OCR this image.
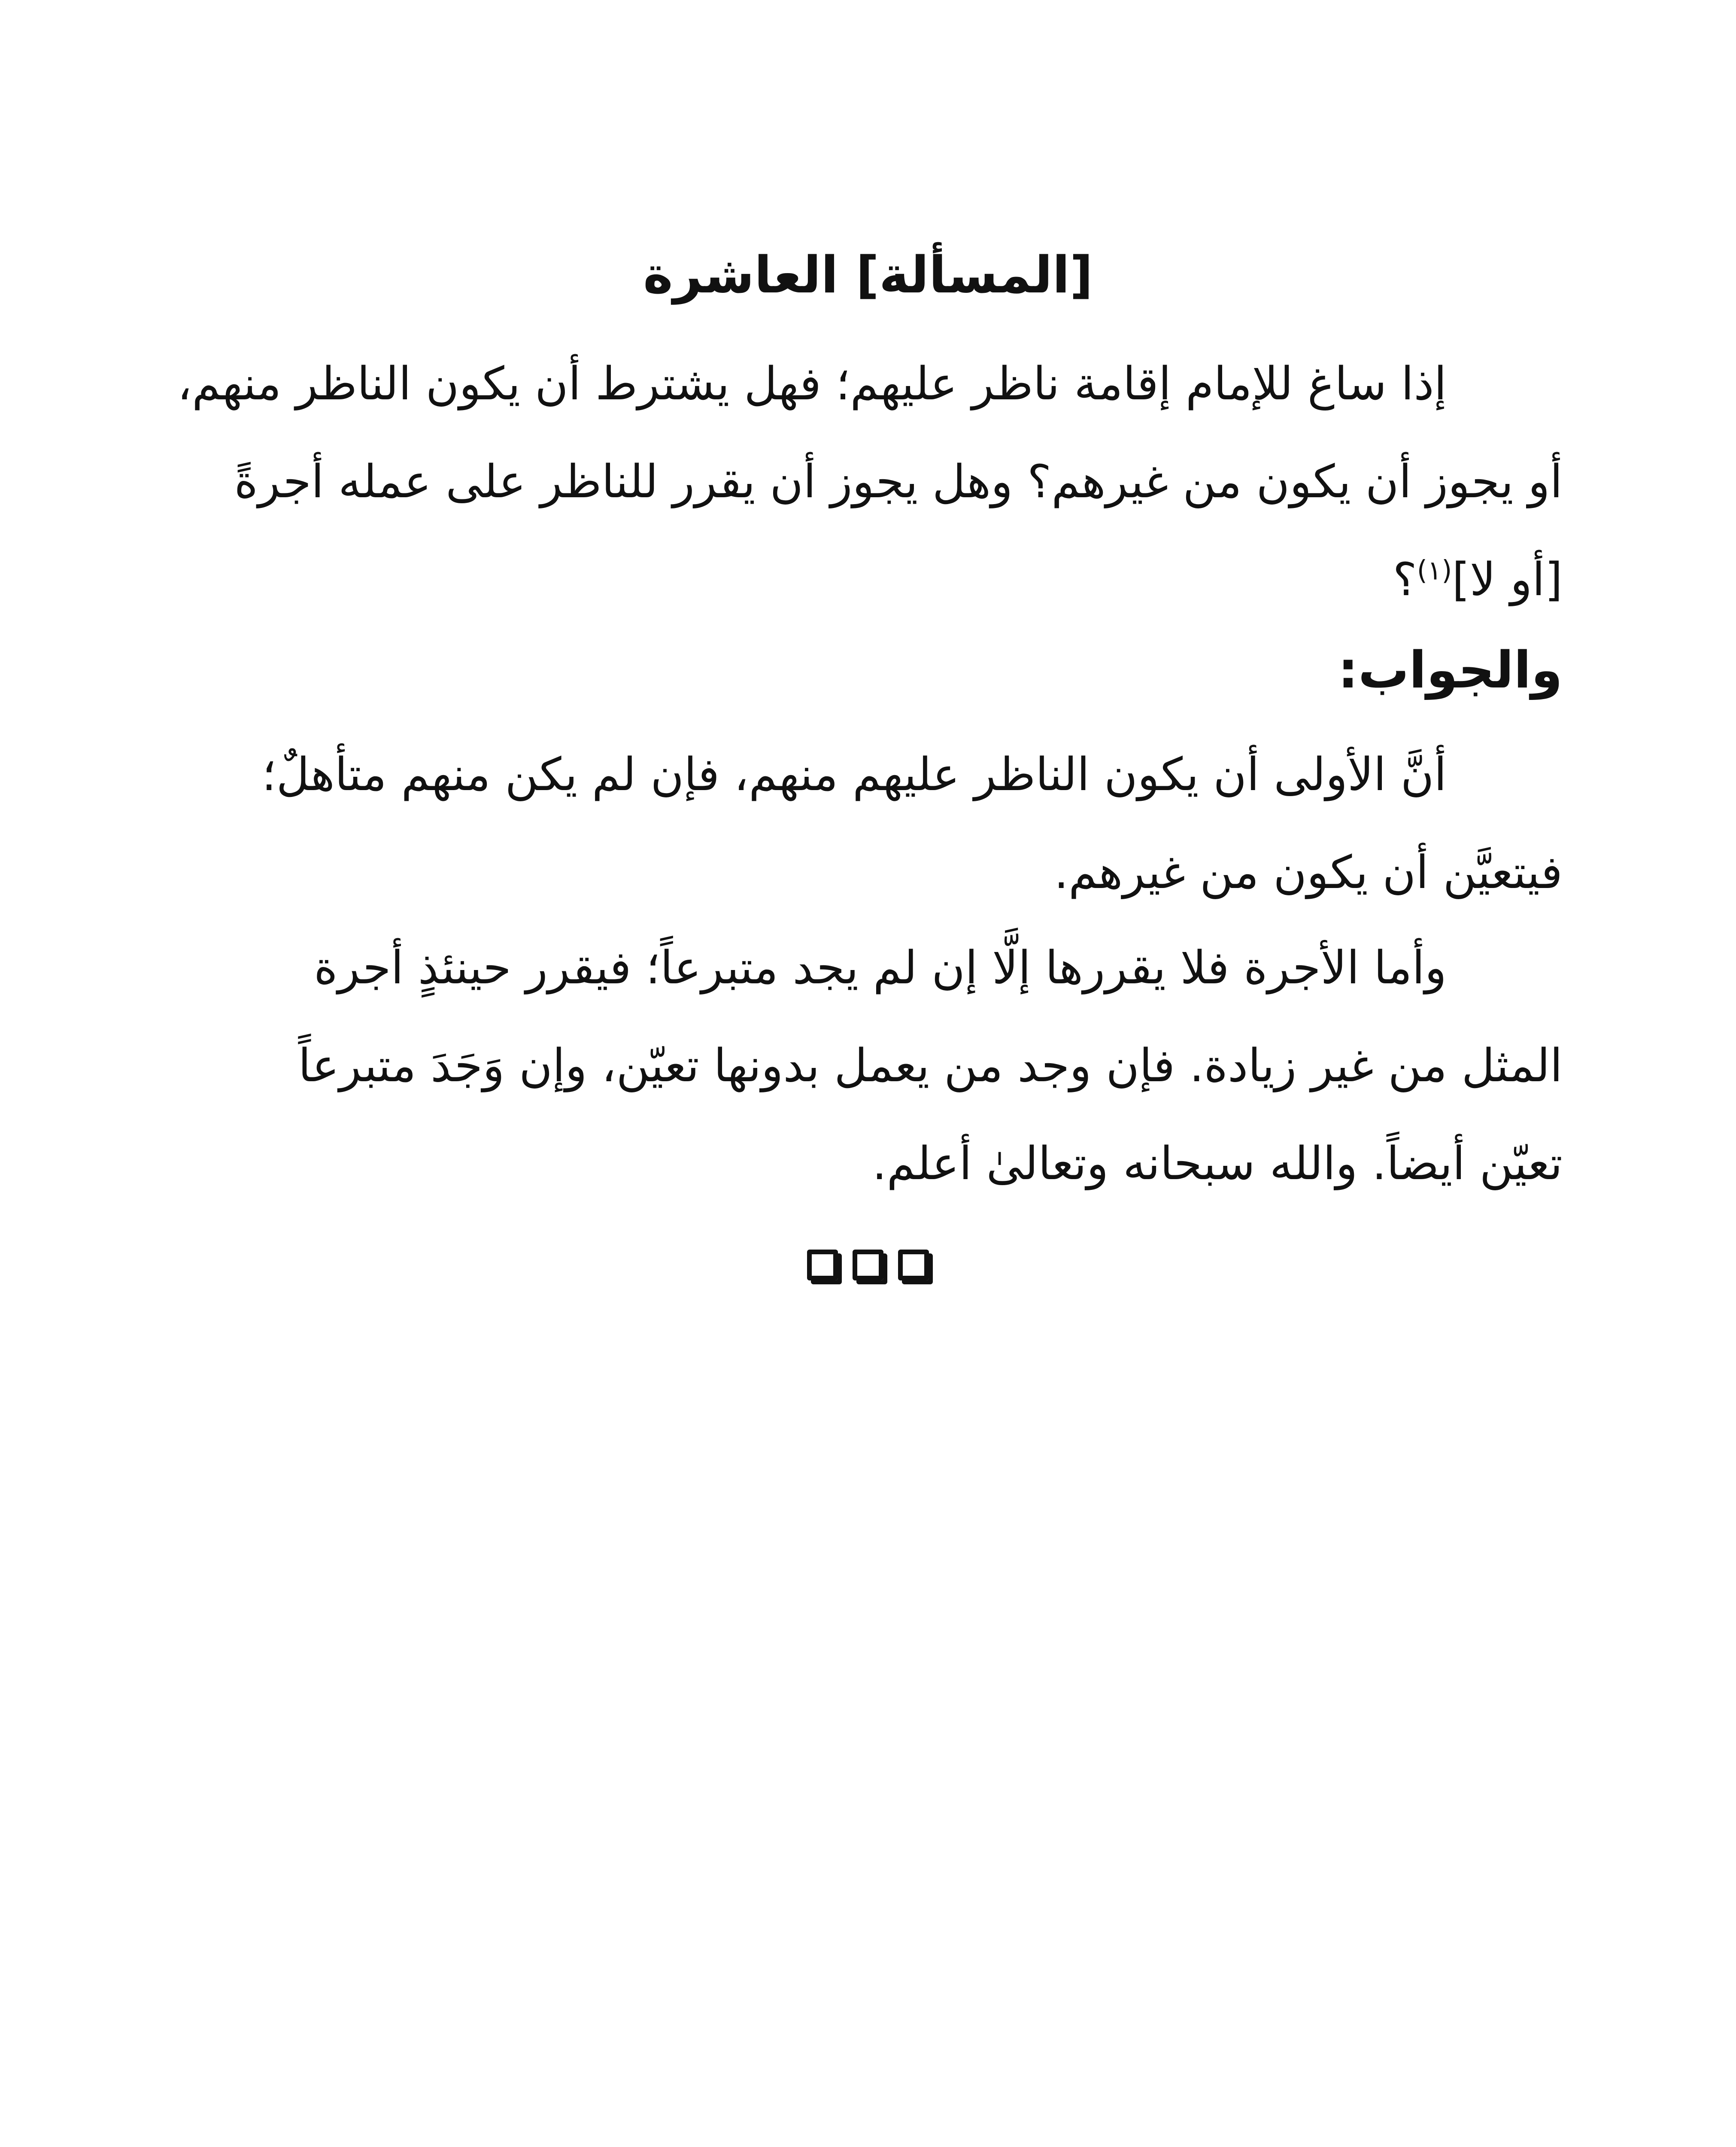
[المسألة] العاشرة
إذا ساغ للإمام إقامة ناظر عليهم؛ فهل يشترط أن يكون الناظر منهم،
أو يجوز أن يكون من غيرهم؟ وهل يجوز أن يقرر للناظر على عمله أجرةً
[أو لا]$^{(١)}$؟
والجواب:
أنَّ الأولى أن يكون الناظر عليهم منهم، فإن لم يكن منهم متأهلٌ؛
فيتعيَّن أن يكون من غيرهم.
وأما الأجرة فلا يقررها إلَّا إن لم يجد متبرعاً؛ فيقرر حينئذٍ أجرة
المثل من غير زيادة. فإن وجد من يعمل بدونها تعيّن، وإن وَجَدَ متبرعاً
تعيّن أيضاً. والله سبحانه وتعالىٰ أعلم.
